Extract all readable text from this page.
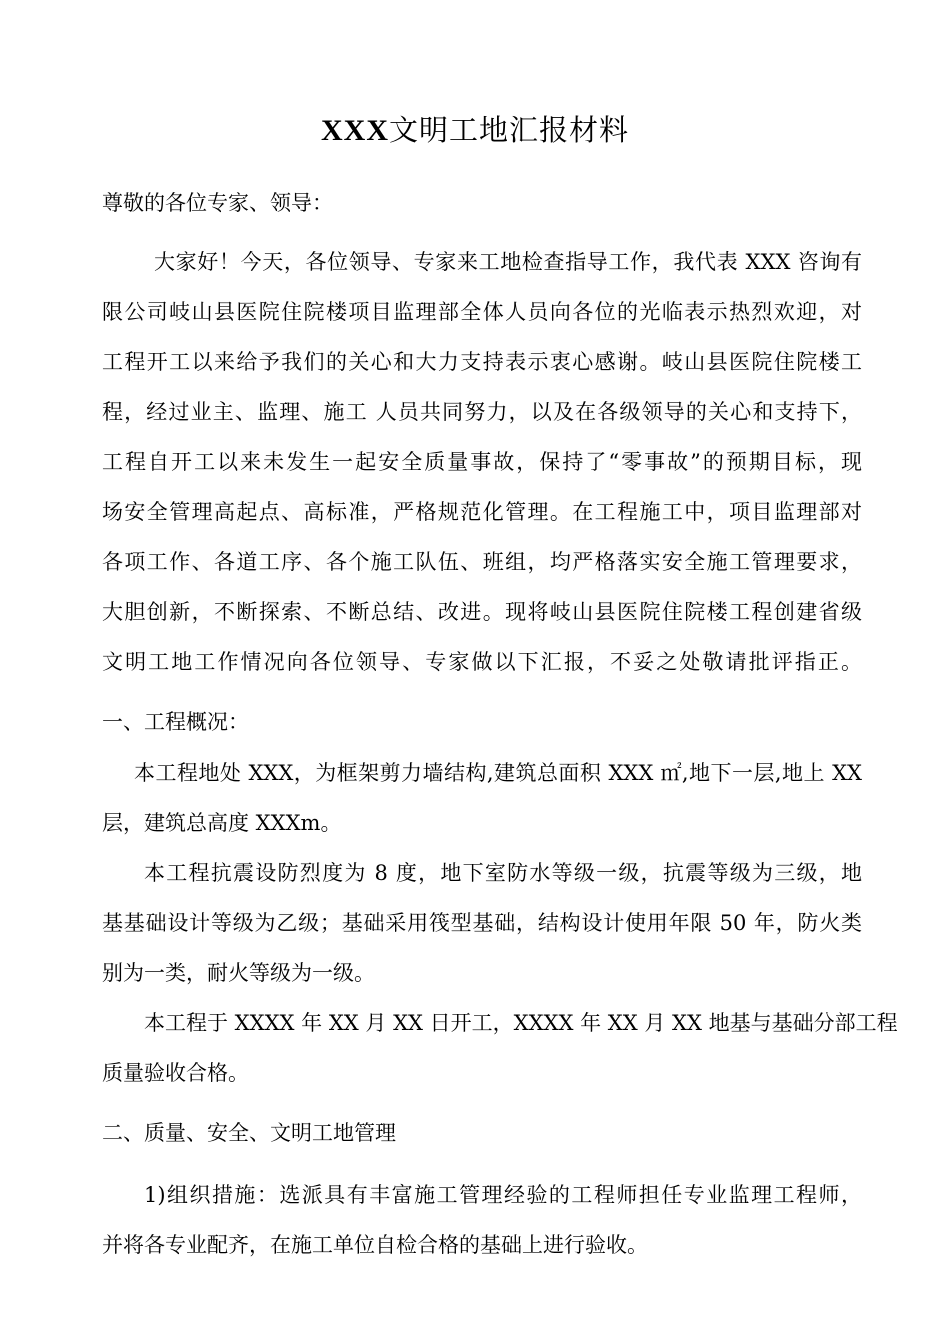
XXX文明工地汇报材料
尊敬的各位专家、领导：
大家好！今天，各位领导、专家来工地检查指导工作，我代表 XXX 咨询有
限公司岐山县医院住院楼项目监理部全体人员向各位的光临表示热烈欢迎，对
工程开工以来给予我们的关心和大力支持表示衷心感谢。岐山县医院住院楼工
程，经过业主、监理、施工 人员共同努力，以及在各级领导的关心和支持下，
工程自开工以来未发生一起安全质量事故，保持了“零事故”的预期目标，现
场安全管理高起点、高标准，严格规范化管理。在工程施工中，项目监理部对
各项工作、各道工序、各个施工队伍、班组，均严格落实安全施工管理要求，
大胆创新，不断探索、不断总结、改进。现将岐山县医院住院楼工程创建省级
文明工地工作情况向各位领导、专家做以下汇报，不妥之处敬请批评指正。
一、工程概况：
本工程地处 XXX，为框架剪力墙结构,建筑总面积 XXX ㎡,地下一层,地上 XX
层，建筑总高度 XXXm。
本工程抗震设防烈度为 8 度，地下室防水等级一级，抗震等级为三级，地
基基础设计等级为乙级；基础采用筏型基础，结构设计使用年限 50 年，防火类
别为一类，耐火等级为一级。
本工程于 XXXX 年 XX 月 XX 日开工，XXXX 年 XX 月 XX 地基与基础分部工程
质量验收合格。
二、质量、安全、文明工地管理
1)组织措施：选派具有丰富施工管理经验的工程师担任专业监理工程师，
并将各专业配齐，在施工单位自检合格的基础上进行验收。
